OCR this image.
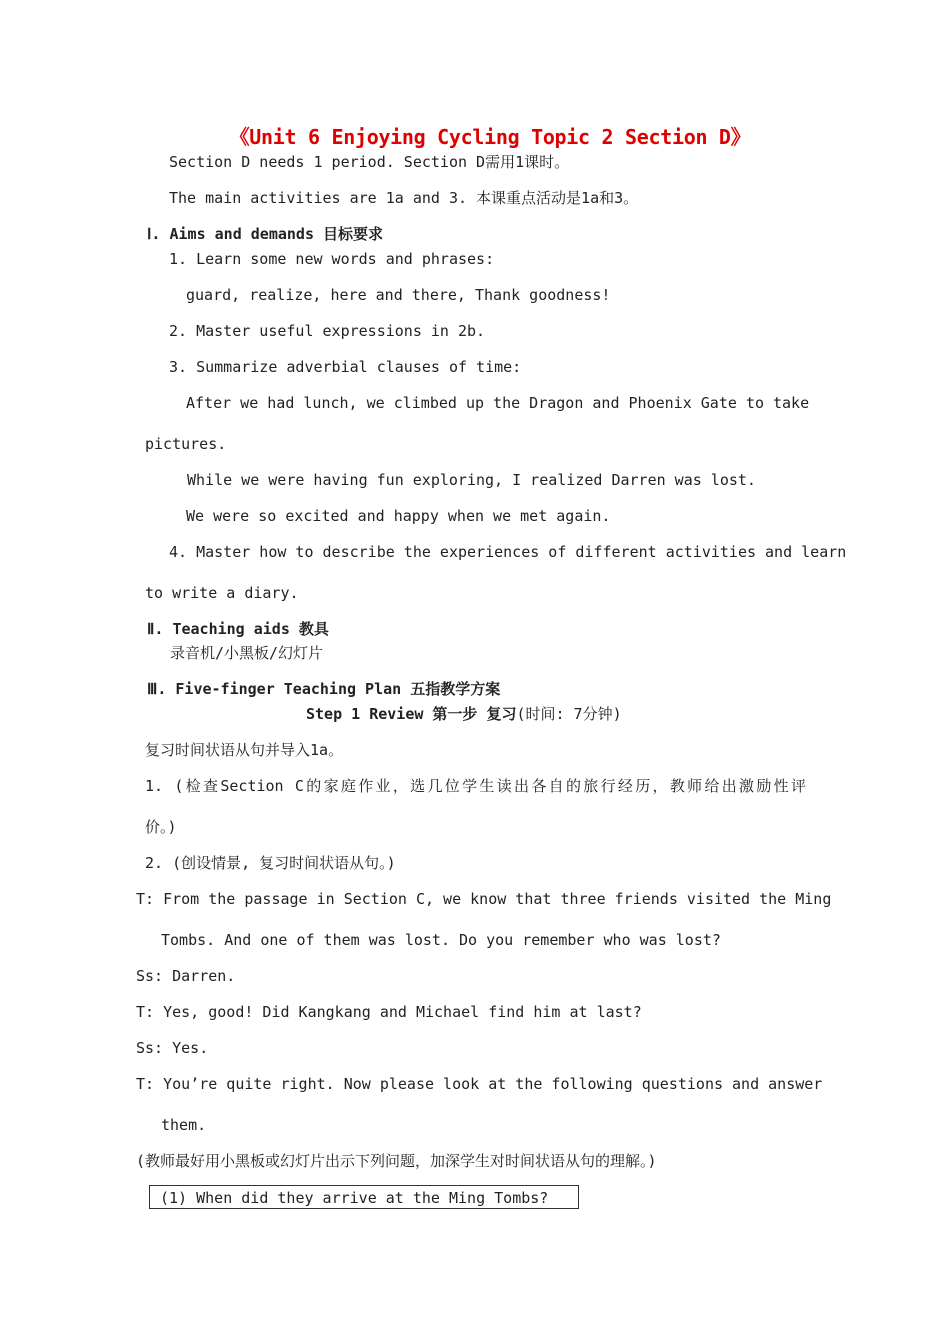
《Unit 6 Enjoying Cycling Topic 2 Section D》
Section D needs 1 period. Section D需用1课时。
The main activities are 1a and 3. 本课重点活动是1a和3。
Ⅰ. Aims and demands 目标要求
1. Learn some new words and phrases:
guard, realize, here and there, Thank goodness!
2. Master useful expressions in 2b.
3. Summarize adverbial clauses of time:
After we had lunch, we climbed up the Dragon and Phoenix Gate to take
pictures.
While we were having fun exploring, I realized Darren was lost.
We were so excited and happy when we met again.
4. Master how to describe the experiences of different activities and learn
to write a diary.
Ⅱ. Teaching aids 教具
录音机/小黑板/幻灯片
Ⅲ. Five-finger Teaching Plan 五指教学方案
Step 1 Review 第一步 复习(时间: 7分钟)
复习时间状语从句并导入1a。
1. (检查Section C的家庭作业，选几位学生读出各自的旅行经历，教师给出激励性评
价。)
2. (创设情景, 复习时间状语从句。)
T: From the passage in Section C, we know that three friends visited the Ming
Tombs. And one of them was lost. Do you remember who was lost?
Ss: Darren.
T: Yes, good! Did Kangkang and Michael find him at last?
Ss: Yes.
T: You’re quite right. Now please look at the following questions and answer
them.
(教师最好用小黑板或幻灯片出示下列问题，加深学生对时间状语从句的理解。)
(1) When did they arrive at the Ming Tombs?
